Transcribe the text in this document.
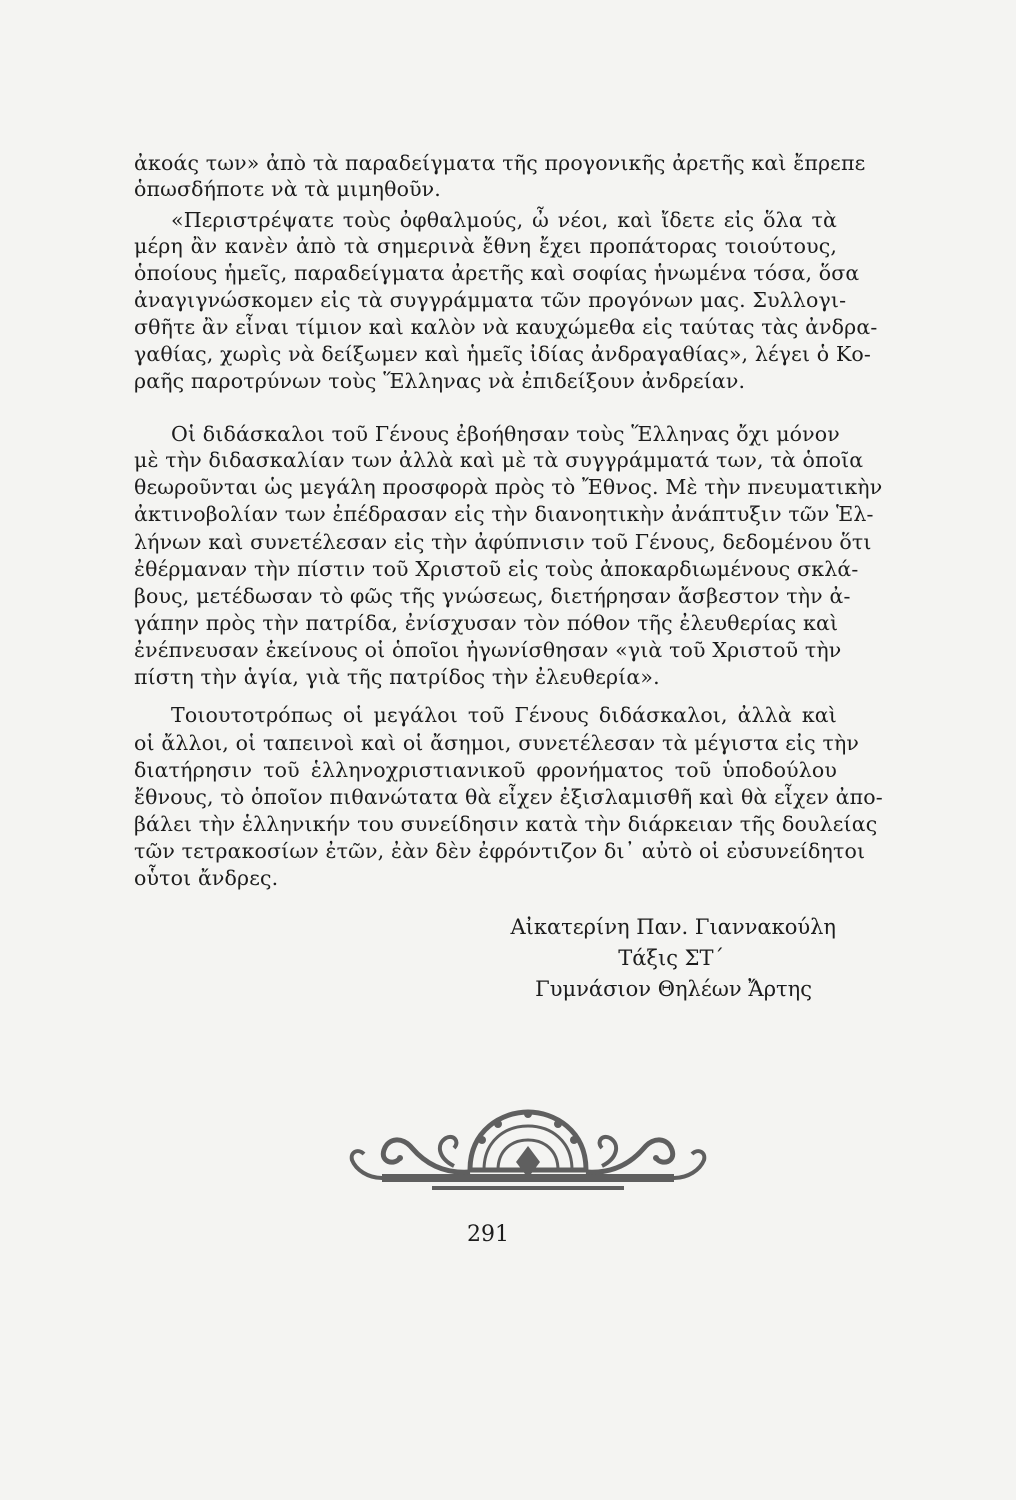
ἀκοάς των» ἀπὸ τὰ παραδείγματα τῆς προγονικῆς ἀρετῆς καὶ ἔπρεπε
ὁπωσδήποτε νὰ τὰ μιμηθοῦν.
«Περιστρέψατε τοὺς ὀφθαλμούς, ὦ νέοι, καὶ ἴδετε εἰς ὅλα τὰ
μέρη ἂν κανὲν ἀπὸ τὰ σημερινὰ ἔθνη ἔχει προπάτορας τοιούτους,
ὁποίους ἡμεῖς, παραδείγματα ἀρετῆς καὶ σοφίας ἡνωμένα τόσα, ὅσα
ἀναγιγνώσκομεν εἰς τὰ συγγράμματα τῶν προγόνων μας. Συλλογι-
σθῆτε ἂν εἶναι τίμιον καὶ καλὸν νὰ καυχώμεθα εἰς ταύτας τὰς ἀνδρα-
γαθίας, χωρὶς νὰ δείξωμεν καὶ ἡμεῖς ἰδίας ἀνδραγαθίας», λέγει ὁ Κο-
ραῆς παροτρύνων τοὺς Ἕλληνας νὰ ἐπιδείξουν ἀνδρείαν.
Οἱ διδάσκαλοι τοῦ Γένους ἐβοήθησαν τοὺς Ἕλληνας ὄχι μόνον
μὲ τὴν διδασκαλίαν των ἀλλὰ καὶ μὲ τὰ συγγράμματά των, τὰ ὁποῖα
θεωροῦνται ὡς μεγάλη προσφορὰ πρὸς τὸ Ἔθνος. Μὲ τὴν πνευματικὴν
ἀκτινοβολίαν των ἐπέδρασαν εἰς τὴν διανοητικὴν ἀνάπτυξιν τῶν Ἑλ-
λήνων καὶ συνετέλεσαν εἰς τὴν ἀφύπνισιν τοῦ Γένους, δεδομένου ὅτι
ἐθέρμαναν τὴν πίστιν τοῦ Χριστοῦ εἰς τοὺς ἀποκαρδιωμένους σκλά-
βους, μετέδωσαν τὸ φῶς τῆς γνώσεως, διετήρησαν ἄσβεστον τὴν ἀ-
γάπην πρὸς τὴν πατρίδα, ἐνίσχυσαν τὸν πόθον τῆς ἐλευθερίας καὶ
ἐνέπνευσαν ἐκείνους οἱ ὁποῖοι ἠγωνίσθησαν «γιὰ τοῦ Χριστοῦ τὴν
πίστη τὴν ἁγία, γιὰ τῆς πατρίδος τὴν ἐλευθερία».
Τοιουτοτρόπως οἱ μεγάλοι τοῦ Γένους διδάσκαλοι, ἀλλὰ καὶ
οἱ ἄλλοι, οἱ ταπεινοὶ καὶ οἱ ἄσημοι, συνετέλεσαν τὰ μέγιστα εἰς τὴν
διατήρησιν τοῦ ἑλληνοχριστιανικοῦ φρονήματος τοῦ ὑποδούλου
ἔθνους, τὸ ὁποῖον πιθανώτατα θὰ εἶχεν ἐξισλαμισθῆ καὶ θὰ εἶχεν ἀπο-
βάλει τὴν ἑλληνικήν του συνείδησιν κατὰ τὴν διάρκειαν τῆς δουλείας
τῶν τετρακοσίων ἐτῶν, ἐὰν δὲν ἐφρόντιζον δι᾽ αὐτὸ οἱ εὐσυνείδητοι
οὗτοι ἄνδρες.
Αἰκατερίνη Παν. Γιαννακούλη
Τάξις ΣΤ΄
Γυμνάσιον Θηλέων Ἄρτης
291
